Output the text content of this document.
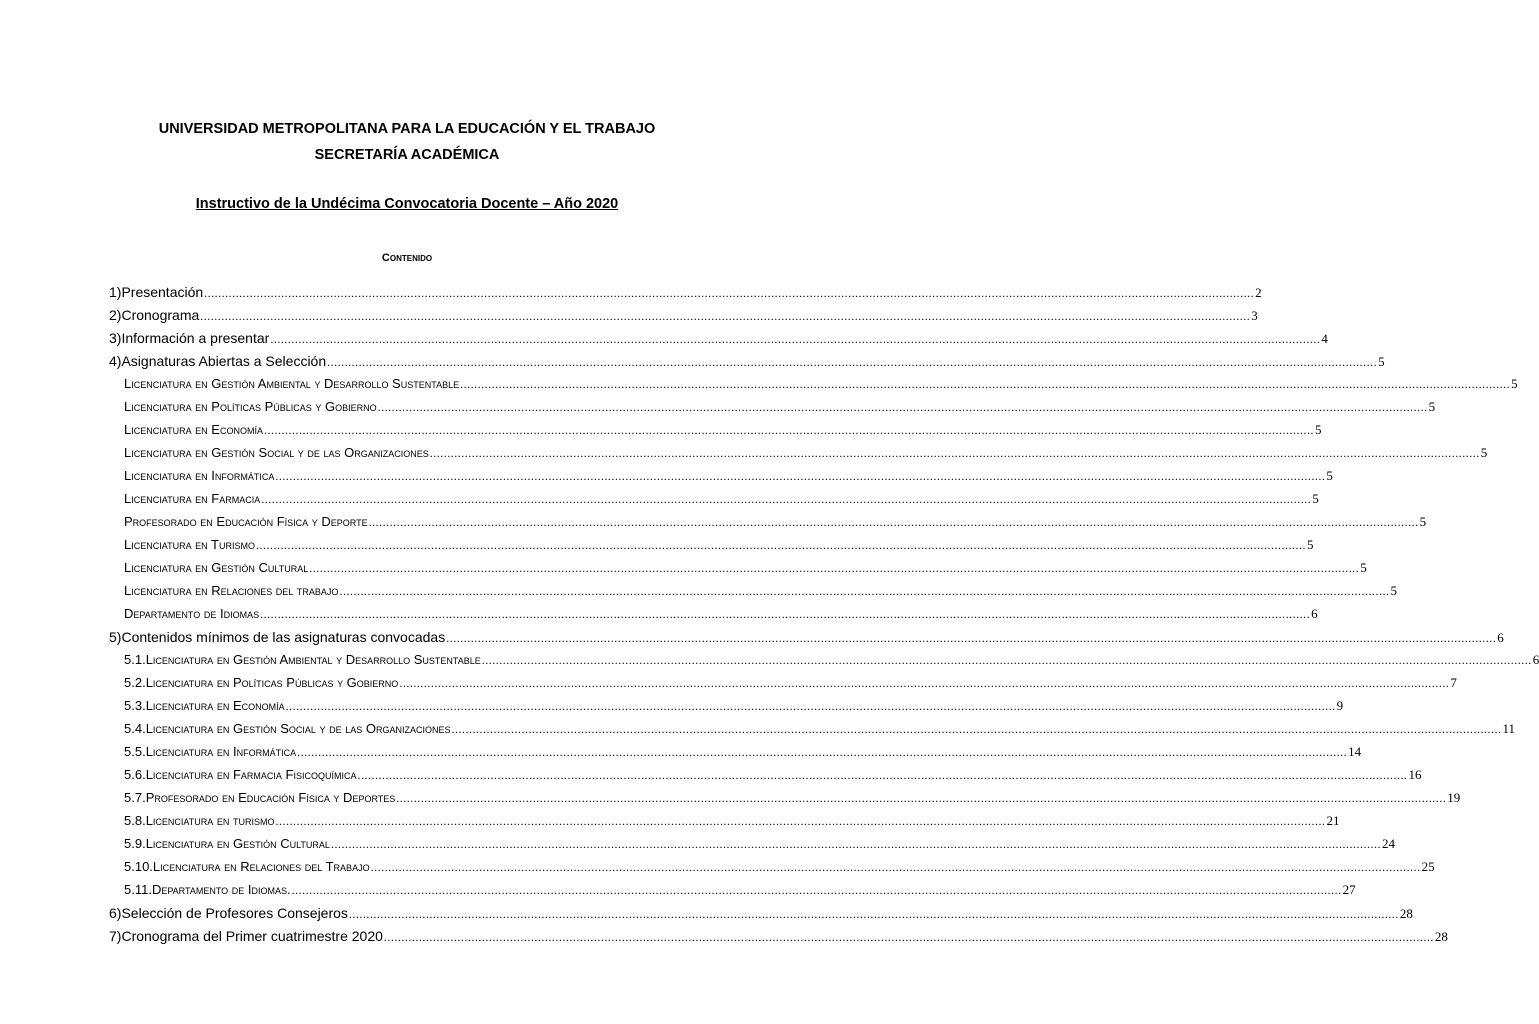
UNIVERSIDAD METROPOLITANA PARA LA EDUCACIÓN Y EL TRABAJO
SECRETARÍA ACADÉMICA
Instructivo de la Undécima Convocatoria Docente – Año 2020
Contenido
1) Presentación ............................................................................................................................................................................................................................................................................................................ 2
2) Cronograma ............................................................................................................................................................................................................................................................................................................ 3
3) Información a presentar ............................................................................................................................................................................................................................................................................................................ 4
4) Asignaturas Abiertas a Selección ............................................................................................................................................................................................................................................................................................................ 5
Licenciatura en Gestión Ambiental y Desarrollo Sustentable ............................................................................................................................................................................................................................................................................................................ 5
Licenciatura en Políticas Públicas y Gobierno ............................................................................................................................................................................................................................................................................................................ 5
Licenciatura en Economía ............................................................................................................................................................................................................................................................................................................ 5
Licenciatura en Gestión Social y de las Organizaciones ............................................................................................................................................................................................................................................................................................................ 5
Licenciatura en Informática ............................................................................................................................................................................................................................................................................................................ 5
Licenciatura en Farmacia ............................................................................................................................................................................................................................................................................................................ 5
Profesorado en Educación Física y Deporte ............................................................................................................................................................................................................................................................................................................ 5
Licenciatura en Turismo ............................................................................................................................................................................................................................................................................................................ 5
Licenciatura en Gestión Cultural ............................................................................................................................................................................................................................................................................................................ 5
Licenciatura en Relaciones del trabajo ............................................................................................................................................................................................................................................................................................................ 5
Departamento de Idiomas ............................................................................................................................................................................................................................................................................................................ 6
5) Contenidos mínimos de las asignaturas convocadas ............................................................................................................................................................................................................................................................................................................ 6
5.1. Licenciatura en Gestión Ambiental y Desarrollo Sustentable ............................................................................................................................................................................................................................................................................................................ 6
5.2. Licenciatura en Políticas Públicas y Gobierno ............................................................................................................................................................................................................................................................................................................ 7
5.3. Licenciatura en Economía ............................................................................................................................................................................................................................................................................................................ 9
5.4. Licenciatura en Gestión Social y de las Organizaciones ............................................................................................................................................................................................................................................................................................................ 11
5.5. Licenciatura en Informática ............................................................................................................................................................................................................................................................................................................ 14
5.6. Licenciatura en Farmacia Fisicoquímica ............................................................................................................................................................................................................................................................................................................ 16
5.7. Profesorado en Educación Física y Deportes ............................................................................................................................................................................................................................................................................................................ 19
5.8. Licenciatura en turismo ............................................................................................................................................................................................................................................................................................................ 21
5.9. Licenciatura en Gestión Cultural ............................................................................................................................................................................................................................................................................................................ 24
5.10. Licenciatura en Relaciones del Trabajo ............................................................................................................................................................................................................................................................................................................ 25
5.11. Departamento de Idiomas. ............................................................................................................................................................................................................................................................................................................ 27
6) Selección de Profesores Consejeros ............................................................................................................................................................................................................................................................................................................ 28
7) Cronograma del Primer cuatrimestre 2020 ............................................................................................................................................................................................................................................................................................................ 28
